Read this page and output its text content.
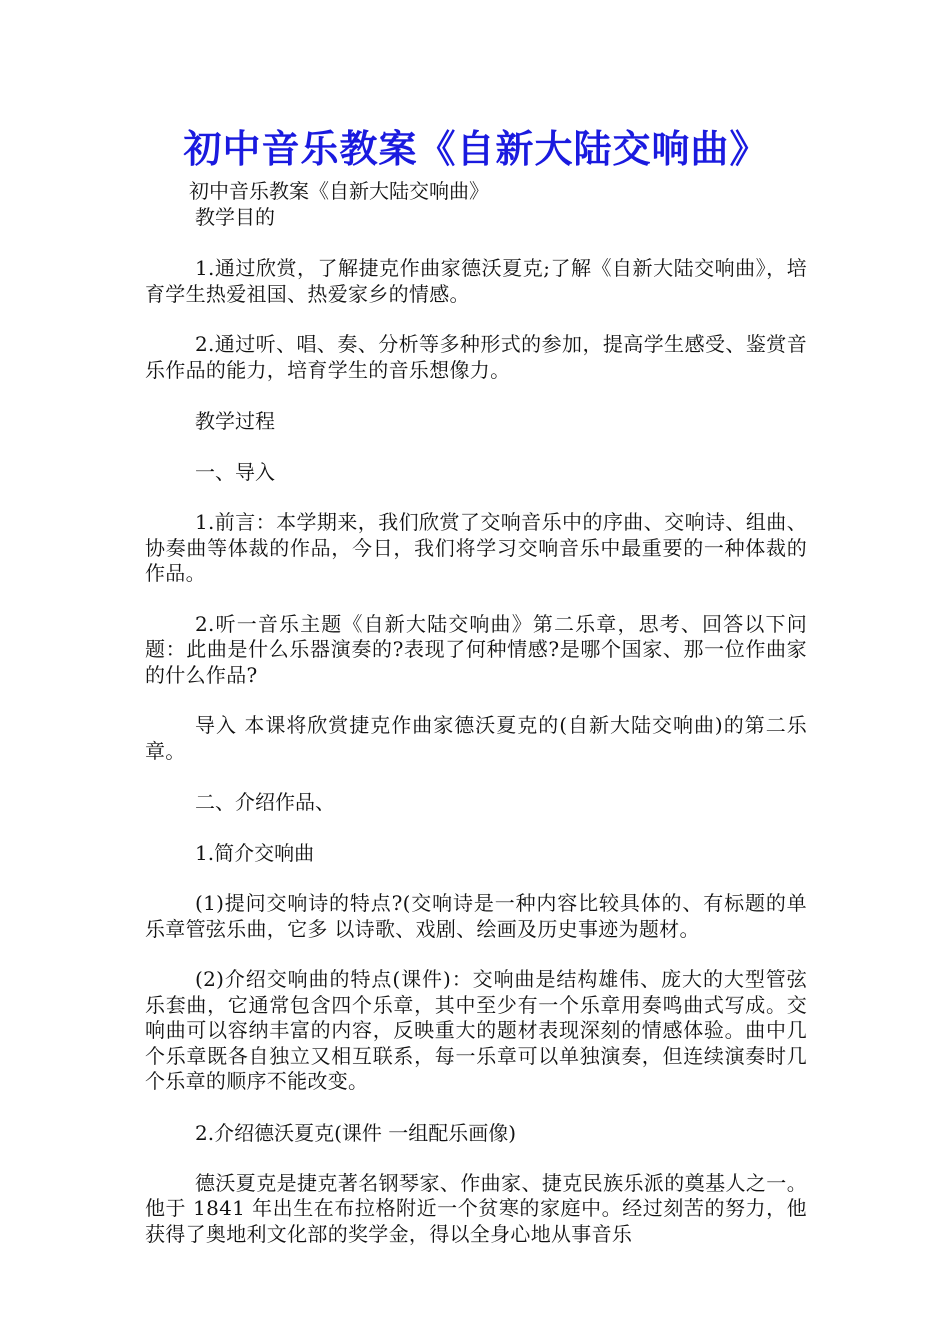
初中音乐教案《自新大陆交响曲》
初中音乐教案《自新大陆交响曲》

教学目的

1.通过欣赏，了解捷克作曲家德沃夏克;了解《自新大陆交响曲》，培育学生热爱祖国、热爱家乡的情感。

2.通过听、唱、奏、分析等多种形式的参加，提高学生感受、鉴赏音乐作品的能力，培育学生的音乐想像力。

教学过程

一、导入

1.前言：本学期来，我们欣赏了交响音乐中的序曲、交响诗、组曲、协奏曲等体裁的作品，今日，我们将学习交响音乐中最重要的一种体裁的作品。

2.听一音乐主题《自新大陆交响曲》第二乐章，思考、回答以下问题：此曲是什么乐器演奏的?表现了何种情感?是哪个国家、那一位作曲家的什么作品?

导入 本课将欣赏捷克作曲家德沃夏克的(自新大陆交响曲)的第二乐章。

二、介绍作品、

1.简介交响曲

(1)提问交响诗的特点?(交响诗是一种内容比较具体的、有标题的单乐章管弦乐曲，它多 以诗歌、戏剧、绘画及历史事迹为题材。

(2)介绍交响曲的特点(课件)：交响曲是结构雄伟、庞大的大型管弦乐套曲，它通常包含四个乐章，其中至少有一个乐章用奏鸣曲式写成。交响曲可以容纳丰富的内容，反映重大的题材表现深刻的情感体验。曲中几个乐章既各自独立又相互联系，每一乐章可以单独演奏，但连续演奏时几个乐章的顺序不能改变。

2.介绍德沃夏克(课件 一组配乐画像)

德沃夏克是捷克著名钢琴家、作曲家、捷克民族乐派的奠基人之一。他于 1841 年出生在布拉格附近一个贫寒的家庭中。经过刻苦的努力，他获得了奥地利文化部的奖学金，得以全身心地从事音乐
